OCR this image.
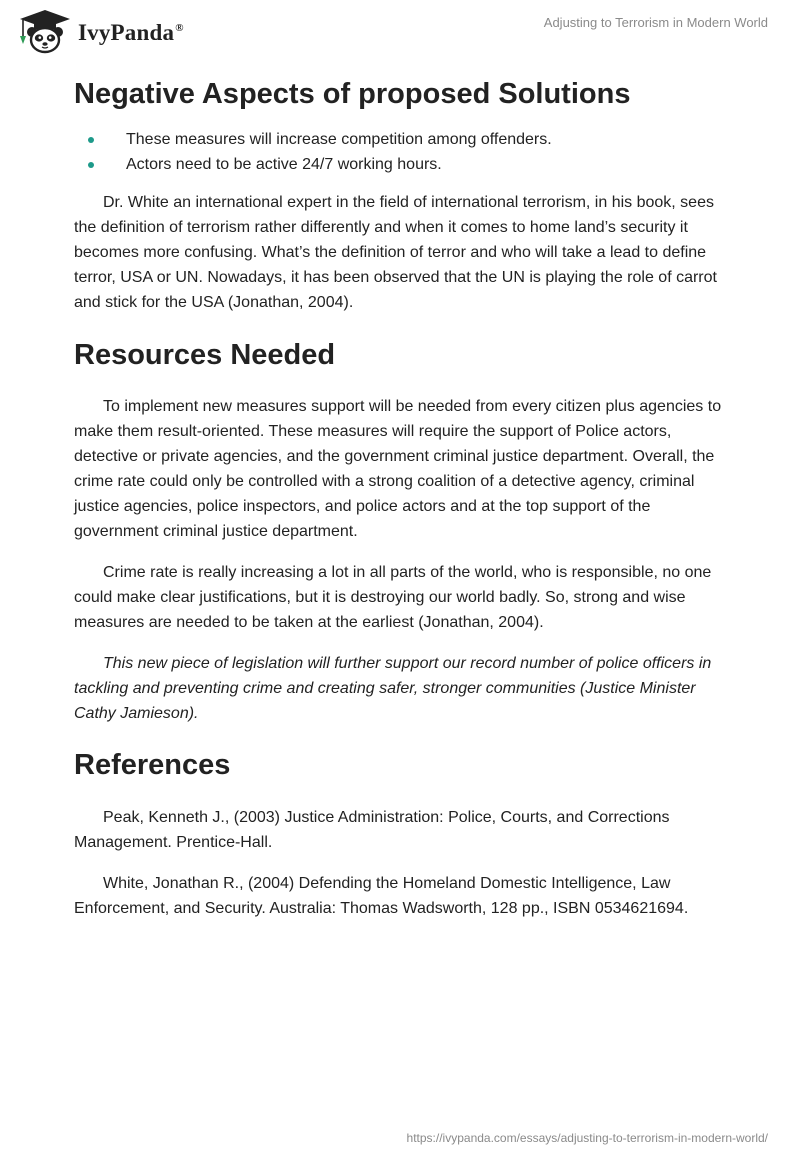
IvyPanda®	Adjusting to Terrorism in Modern World
Negative Aspects of proposed Solutions
These measures will increase competition among offenders.
Actors need to be active 24/7 working hours.

Dr. White an international expert in the field of international terrorism, in his book, sees the definition of terrorism rather differently and when it comes to home land’s security it becomes more confusing. What’s the definition of terror and who will take a lead to define terror, USA or UN. Nowadays, it has been observed that the UN is playing the role of carrot and stick for the USA (Jonathan, 2004).

Resources Needed

To implement new measures support will be needed from every citizen plus agencies to make them result-oriented. These measures will require the support of Police actors, detective or private agencies, and the government criminal justice department. Overall, the crime rate could only be controlled with a strong coalition of a detective agency, criminal justice agencies, police inspectors, and police actors and at the top support of the government criminal justice department.

Crime rate is really increasing a lot in all parts of the world, who is responsible, no one could make clear justifications, but it is destroying our world badly. So, strong and wise measures are needed to be taken at the earliest (Jonathan, 2004).

This new piece of legislation will further support our record number of police officers in tackling and preventing crime and creating safer, stronger communities (Justice Minister Cathy Jamieson).

References

Peak, Kenneth J., (2003) Justice Administration: Police, Courts, and Corrections Management. Prentice-Hall.

White, Jonathan R., (2004) Defending the Homeland Domestic Intelligence, Law Enforcement, and Security. Australia: Thomas Wadsworth, 128 pp., ISBN 0534621694.

https://ivypanda.com/essays/adjusting-to-terrorism-in-modern-world/
